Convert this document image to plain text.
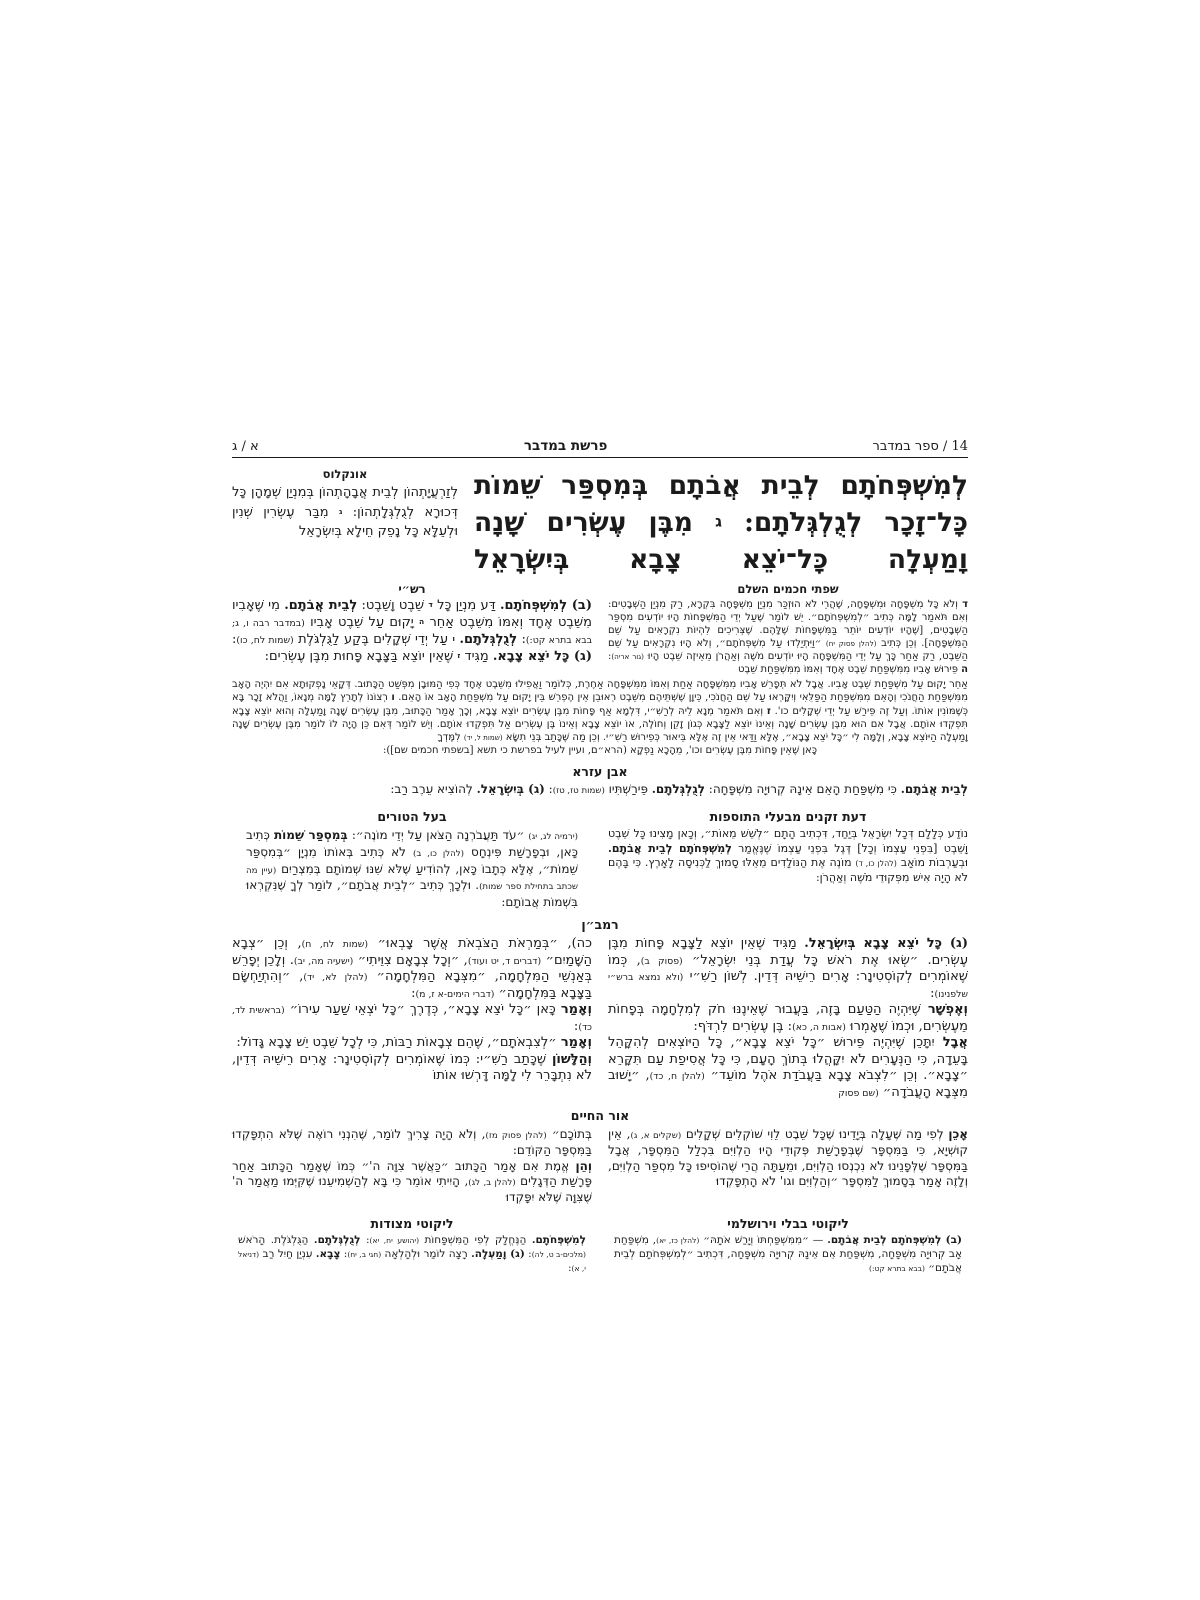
14 / ספר במדבר
פרשת במדבר
א / ג
לְמִשְׁפְּחֹתָם לְבֵית אֲבֹתָם בְּמִסְפַּר שֵׁמוֹת כָּל־זָכָר לְגֻלְגְּלֹתָם: ג מִבֶּן עֶשְׂרִים שָׁנָה וָמַעְלָה כָּל־יֹצֵא צָבָא בְּיִשְׂרָאֵל
אונקלוס
לְזַרְעֲיָתְהוֹן לְבֵית אֲבָהָתְהוֹן בְּמִנְיַן שְׁמָהָן כָּל דְּכוּרָא לְגֻלְגְּלָתְהוֹן: ג מִבַּר עֶשְׂרִין שְׁנִין וּלְעֵלָּא כָּל נָפֵק חֵילָא בְּיִשְׂרָאֵל
שפתי חכמים השלם
ד וְלֹא כָּל מִשְׁפָּחָה וּמִשְׁפָּחָה, שֶׁהֲרֵי לֹא הוּזְכַּר מִנְיַן מִשְׁפָּחָה בִּקְרָא, רַק מִנְיַן הַשְּׁבָטִים: וְאִם תֹּאמַר לָמָּה כְּתִיב ״לְמִשְׁפְּחֹתָם״. יֵשׁ לוֹמַר שֶׁעַל יְדֵי הַמִּשְׁפָּחוֹת הָיוּ יוֹדְעִים מִסְפַּר הַשְּׁבָטִים, [שֶׁהָיוּ יוֹדְעִים יוֹתֵר בַּמִּשְׁפָּחוֹת שֶׁלָּהֶם. שֶׁצְּרִיכִים לִהְיוֹת נִקְרָאִים עַל שֵׁם הַמִּשְׁפָּחָה]. וְכֵן כְּתִיב (להלן פסוק יח) ״וַיִּתְיַלְדוּ עַל מִשְׁפְּחֹתָם״, וְלֹא הָיוּ נִקְרָאִים עַל שֵׁם הַשֵּׁבֶט, רַק אַחַר כָּךְ עַל יְדֵי הַמִּשְׁפָּחָה הָיוּ יוֹדְעִים מֹשֶׁה וְאַהֲרֹן מֵאֵיזֶה שֵׁבֶט הָיוּ (גור אריה): ה פֵּירוּשׁ אָבִיו מִמִּשְׁפַּחַת שֵׁבֶט אֶחָד וְאִמּוֹ מִמִּשְׁפַּחַת שֵׁבֶט
רש״י
(ב) לְמִשְׁפְּחֹתָם. דַּע מִנְיַן כָּל ד שֵׁבֶט וָשֵׁבֶט: לְבֵית אֲבֹתָם. מִי שֶׁאָבִיו מִשֵּׁבֶט אֶחָד וְאִמּוֹ מִשֵּׁבֶט אַחֵר ה יָקוּם עַל שֵׁבֶט אָבִיו (במדבר רבה ו, ג; בבא בתרא קט:): לְגֻלְגְּלֹתָם. ו עַל יְדֵי שְׁקָלִים בֶּקַע לַגֻּלְגֹּלֶת (שמות לח, כו): (ג) כָּל יֹצֵא צָבָא. מַגִּיד ז שֶׁאֵין יוֹצֵא בַּצָּבָא פָּחוּת מִבֶּן עֶשְׂרִים:
אַחֵר יָקוּם עַל מִשְׁפַּחַת שֵׁבֶט אָבִיו. אֲבָל לֹא תְּפָרֵשׁ אָבִיו מִמִּשְׁפָּחָה אַחַת וְאִמּוֹ מִמִּשְׁפָּחָה אַחֶרֶת, כְּלוֹמַר וַאֲפִילוּ מִשֵּׁבֶט אֶחָד כְּפִי הַמּוּבָן מִפְּשַׁט הַכָּתוּב. דְּקָאֵי נָפְקוּתָא אִם יִהְיֶה הָאָב מִמִּשְׁפַּחַת הַחֲנֹכִי וְהָאֵם מִמִּשְׁפַּחַת הַפַּלֻּאִי וְיִקָּרְאוּ עַל שֵׁם הַחֲנֹכִי, כֵּיוָן שֶׁשְּׁתֵּיהֶם מִשֵּׁבֶט רְאוּבֵן אֵין הֶפְרֵשׁ בֵּין יָקוּם עַל מִשְׁפַּחַת הָאָב אוֹ הָאֵם. ו רְצוֹנוֹ לְתָרֵץ לָמָּה מְנָאוֹ, וַהֲלֹא זָכָר בָּא כְּשֶׁמּוֹנִין אוֹתוֹ. וְעַל זֶה פֵּירַשׁ עַל יְדֵי שְׁקָלִים כו'. ז וְאִם תֹּאמַר מְנָא לֵיהּ לְרַשִׁ״י, דִּלְמָא אַף פָּחוֹת מִבֶּן עֶשְׂרִים יוֹצֵא צָבָא, וְכָךְ אָמַר הַכָּתוּב, מִבֶּן עֶשְׂרִים שָׁנָה וָמַעְלָה וְהוּא יוֹצֵא צָבָא תִּפְקְדוּ אוֹתָם. אֲבָל אִם הוּא מִבֶּן עֶשְׂרִים שָׁנָה וְאֵינוֹ יוֹצֵא לַצָּבָא כְּגוֹן זָקֵן וְחוֹלֶה, אוֹ יוֹצֵא צָבָא וְאֵינוֹ בֶּן עֶשְׂרִים אַל תִּפְקְדוּ אוֹתָם. וְיֵשׁ לוֹמַר דְּאִם כֵּן הָיָה לוֹ לוֹמַר מִבֶּן עֶשְׂרִים שָׁנָה וָמַעְלָה הַיּוֹצֵא צָבָא, וְלָמָּה לִי ״כָּל יֹצֵא צָבָא״, אֶלָּא וַדַּאי אֵין זֶה אֶלָּא בֵּיאוּר כְּפֵירוּשׁ רַשִׁ״י. וְכֵן מַה שֶּׁכָּתַב בְּנֵי תִשָּׂא (שמות ל, יד) לִמֶּדְךָ
כָּאן שֶׁאֵין פָּחוֹת מִבֶּן עֶשְׂרִים וכו', מֵהָכָא נַפְקָא (הרא״ם, ועיין לעיל בפרשת כי תשא [בשפתי חכמים שם]):
אבן עזרא
לְבֵית אֲבֹתָם. כִּי מִשְׁפַּחַת הָאֵם אֵינָהּ קְרוּיָה מִשְׁפָּחָה: לְגֻלְגְּלֹתָם. פֵּירַשְׁתִּיו (שמות טז, טז): (ג) בְּיִשְׂרָאֵל. לְהוֹצִיא עֵרֶב רַב:
דעת זקנים מבעלי התוספות
נוֹדַע כְּלָלָם דְּכָל יִשְׂרָאֵל בְּיַחַד, דִּכְתִיב הָתָם ״לְשֵׁשׁ מֵאוֹת״, וְכָאן מָצִינוּ כָּל שֵׁבֶט וָשֵׁבֶט [בִּפְנֵי עַצְמוֹ וְכָל] דֶּגֶל בִּפְנֵי עַצְמוֹ שֶׁנֶּאֱמַר לְמִשְׁפְּחֹתָם לְבֵית אֲבֹתָם. וּבְעַרְבוֹת מוֹאָב (להלן כו, ד) מוֹנֶה אֶת הַנּוֹלָדִים מֵאֵלּוּ סָמוּךְ לַכְּנִיסָה לָאָרֶץ. כִּי בָּהֶם לֹא הָיָה אִישׁ מִפְּקוּדֵי מֹשֶׁה וְאַהֲרֹן:
בעל הטורים
(ירמיה לג, יג) ״עֹד תַּעֲבֹרְנָה הַצֹּאן עַל יְדֵי מוֹנֶה״: בְּמִסְפַּר שֵׁמוֹת כְּתִיב כָּאן, וּבְפָרָשַׁת פִּינְחָס (להלן כו, ב) לֹא כְּתִיב בְּאוֹתוֹ מִנְיָן ״בְּמִסְפַּר שֵׁמוֹת״, אֶלָּא כְּתָבוֹ כָּאן, לְהוֹדִיעַ שֶׁלֹּא שִׁנּוּ שְׁמוֹתָם בְּמִצְרַיִם (עיין מה שכתב בתחילת ספר שמות). וּלְכָךְ כְּתִיב ״לְבֵית אֲבֹתָם״, לוֹמַר לְךָ שֶׁנִּקְרְאוּ בִּשְׁמוֹת אֲבוֹתָם:
רמב״ן

(ג) כָּל יֹצֵא צָבָא בְּיִשְׂרָאֵל. מַגִּיד שֶׁאֵין יוֹצֵא לַצָּבָא פָּחוֹת מִבֶּן עֶשְׂרִים. ״שְׂאוּ אֶת רֹאשׁ כָּל עֲדַת בְּנֵי יִשְׂרָאֵל״ (פסוק ב), כְּמוֹ שֶׁאוֹמְרִים לְקוֹסְטִינָר: אָרִים רֵישֵׁיהּ דְּדֵין. לְשׁוֹן רַשִׁ״י (ולא נמצא ברש״י שלפנינו):

וְאֶפְשָׁר שֶׁיִּהְיֶה הַטַּעַם בָּזֶה, בַּעֲבוּר שֶׁאֵינֶנּוּ חֹק לְמִלְחָמָה בְּפָחוֹת מֵעֶשְׂרִים, וּכְמוֹ שֶׁאָמְרוּ (אבות ה, כא): בֶּן עֶשְׂרִים לִרְדֹּף:

אֲבָל יִתָּכֵן שֶׁיִּהְיֶה פֵּירוּשׁ ״כָּל יֹצֵא צָבָא״, כָּל הַיּוֹצְאִים לְהִקָּהֵל בָּעֵדָה, כִּי הַנְּעָרִים לֹא יִקָּהֲלוּ בְּתוֹךְ הָעָם, כִּי כָּל אֲסִיפַת עַם תִּקָּרֵא ״צָבָא״. וְכֵן ״לִצְבֹא צָבָא בַּעֲבֹדַת אֹהֶל מוֹעֵד״ (להלן ח, כד), ״יָשׁוּב מִצְּבָא הָעֲבֹדָה״ (שם פסוק

כה), ״בְּמַרְאֹת הַצֹּבְאֹת אֲשֶׁר צָבְאוּ״ (שמות לח, ח), וְכֵן ״צְבָא הַשָּׁמַיִם״ (דברים ד, יט ועוד), ״וְכָל צְבָאָם צִוֵּיתִי״ (ישעיה מה, יב). וְלָכֵן יְפָרֵשׁ בְּאַנְשֵׁי הַמִּלְחָמָה, ״מִצְּבָא הַמִּלְחָמָה״ (להלן לא, יד), ״וְהִתְיַחְשָׂם בַּצָּבָא בַּמִּלְחָמָה״ (דברי הימים-א ז, מ):

וְאָמַר כָּאן ״כָּל יֹצֵא צָבָא״, כְּדֶרֶךְ ״כָּל יֹצְאֵי שַׁעַר עִירוֹ״ (בראשית לד, כד):

וְאָמַר ״לְצִבְאֹתָם״, שֶׁהֵם צְבָאוֹת רַבּוֹת, כִּי לְכָל שֵׁבֶט יֵשׁ צָבָא גָּדוֹל:

וְהַלָּשׁוֹן שֶׁכָּתַב רַשִׁ״י: כְּמוֹ שֶׁאוֹמְרִים לְקוֹסְטִינָר: אָרִים רֵישֵׁיהּ דְּדֵין, לֹא נִתְבָּרֵר לִי לָמָּה דָּרְשׁוּ אוֹתוֹ

אור החיים

אָכֵן לְפִי מַה שֶּׁעָלָה בְּיָדֵינוּ שֶׁכָּל שֵׁבֶט לֵוִי שׁוֹקְלִים שְׁקָלִים (שקלים א, ג), אֵין קוּשְׁיָא, כִּי בַּמִּסְפָּר שֶׁבְּפָרָשַׁת פְּקוּדֵי הָיוּ הַלְוִיִּם בִּכְלַל הַמִּסְפָּר, אֲבָל בַּמִּסְפָּר שֶׁלְּפָנֵינוּ לֹא נִכְנְסוּ הַלְוִיִּם, וּמֵעַתָּה הֲרֵי שֶׁהוֹסִיפוּ כָּל מִסְפַּר הַלְוִיִּם, וְלָזֶה אָמַר בְּסָמוּךְ לַמִּסְפָּר ״וְהַלְוִיִּם וגו' לֹא הָתְפָּקְדוּ

בְּתוֹכָם״ (להלן פסוק מז), וְלֹא הָיָה צָרִיךְ לוֹמַר, שֶׁהִנְנִי רוֹאֶה שֶׁלֹּא הִתְפָּקְדוּ בַּמִּסְפָּר הַקּוֹדֵם:

וְהֵן אֱמֶת אִם אָמַר הַכָּתוּב ״כַּאֲשֶׁר צִוָּה ה'״ כְּמוֹ שֶׁאָמַר הַכָּתוּב אַחַר פָּרָשַׁת הַדְּגָלִים (להלן ב, לג), הָיִיתִי אוֹמֵר כִּי בָּא לְהַשְׁמִיעֵנוּ שֶׁקִּיְּמוּ מַאֲמַר ה' שֶׁצִּוָּה שֶׁלֹּא יִפָּקְדוּ

ליקוטי בבלי וירושלמי
(ב) לְמִשְׁפְּחֹתָם לְבֵית אֲבֹתָם. — ״מִמִּשְׁפַּחְתּוֹ וְיָרַשׁ אֹתָהּ״ (להלן כז, יא), מִשְׁפַּחַת אָב קְרוּיָה מִשְׁפָּחָה, מִשְׁפַּחַת אֵם אֵינָהּ קְרוּיָה מִשְׁפָּחָה, דִּכְתִיב ״לְמִשְׁפְּחֹתָם לְבֵית אֲבֹתָם״ (בבא בתרא קט:)
ליקוטי מצודות
לְמִשְׁפְּחֹתָם. הַנֶּחֱלָק לְפִי הַמִּשְׁפָּחוֹת (יהושע יח, יא): לְגֻלְגְּלֹתָם. הַגֻּלְגֹּלֶת. הָרֹאשׁ (מלכים-ב ט, לה): (ג) וָמַעְלָה. רָצָה לוֹמַר וּלְהָלְאָה (חגי ב, יח): צָבָא. עִנְיַן חַיִל רַב (דניאל י, א):
